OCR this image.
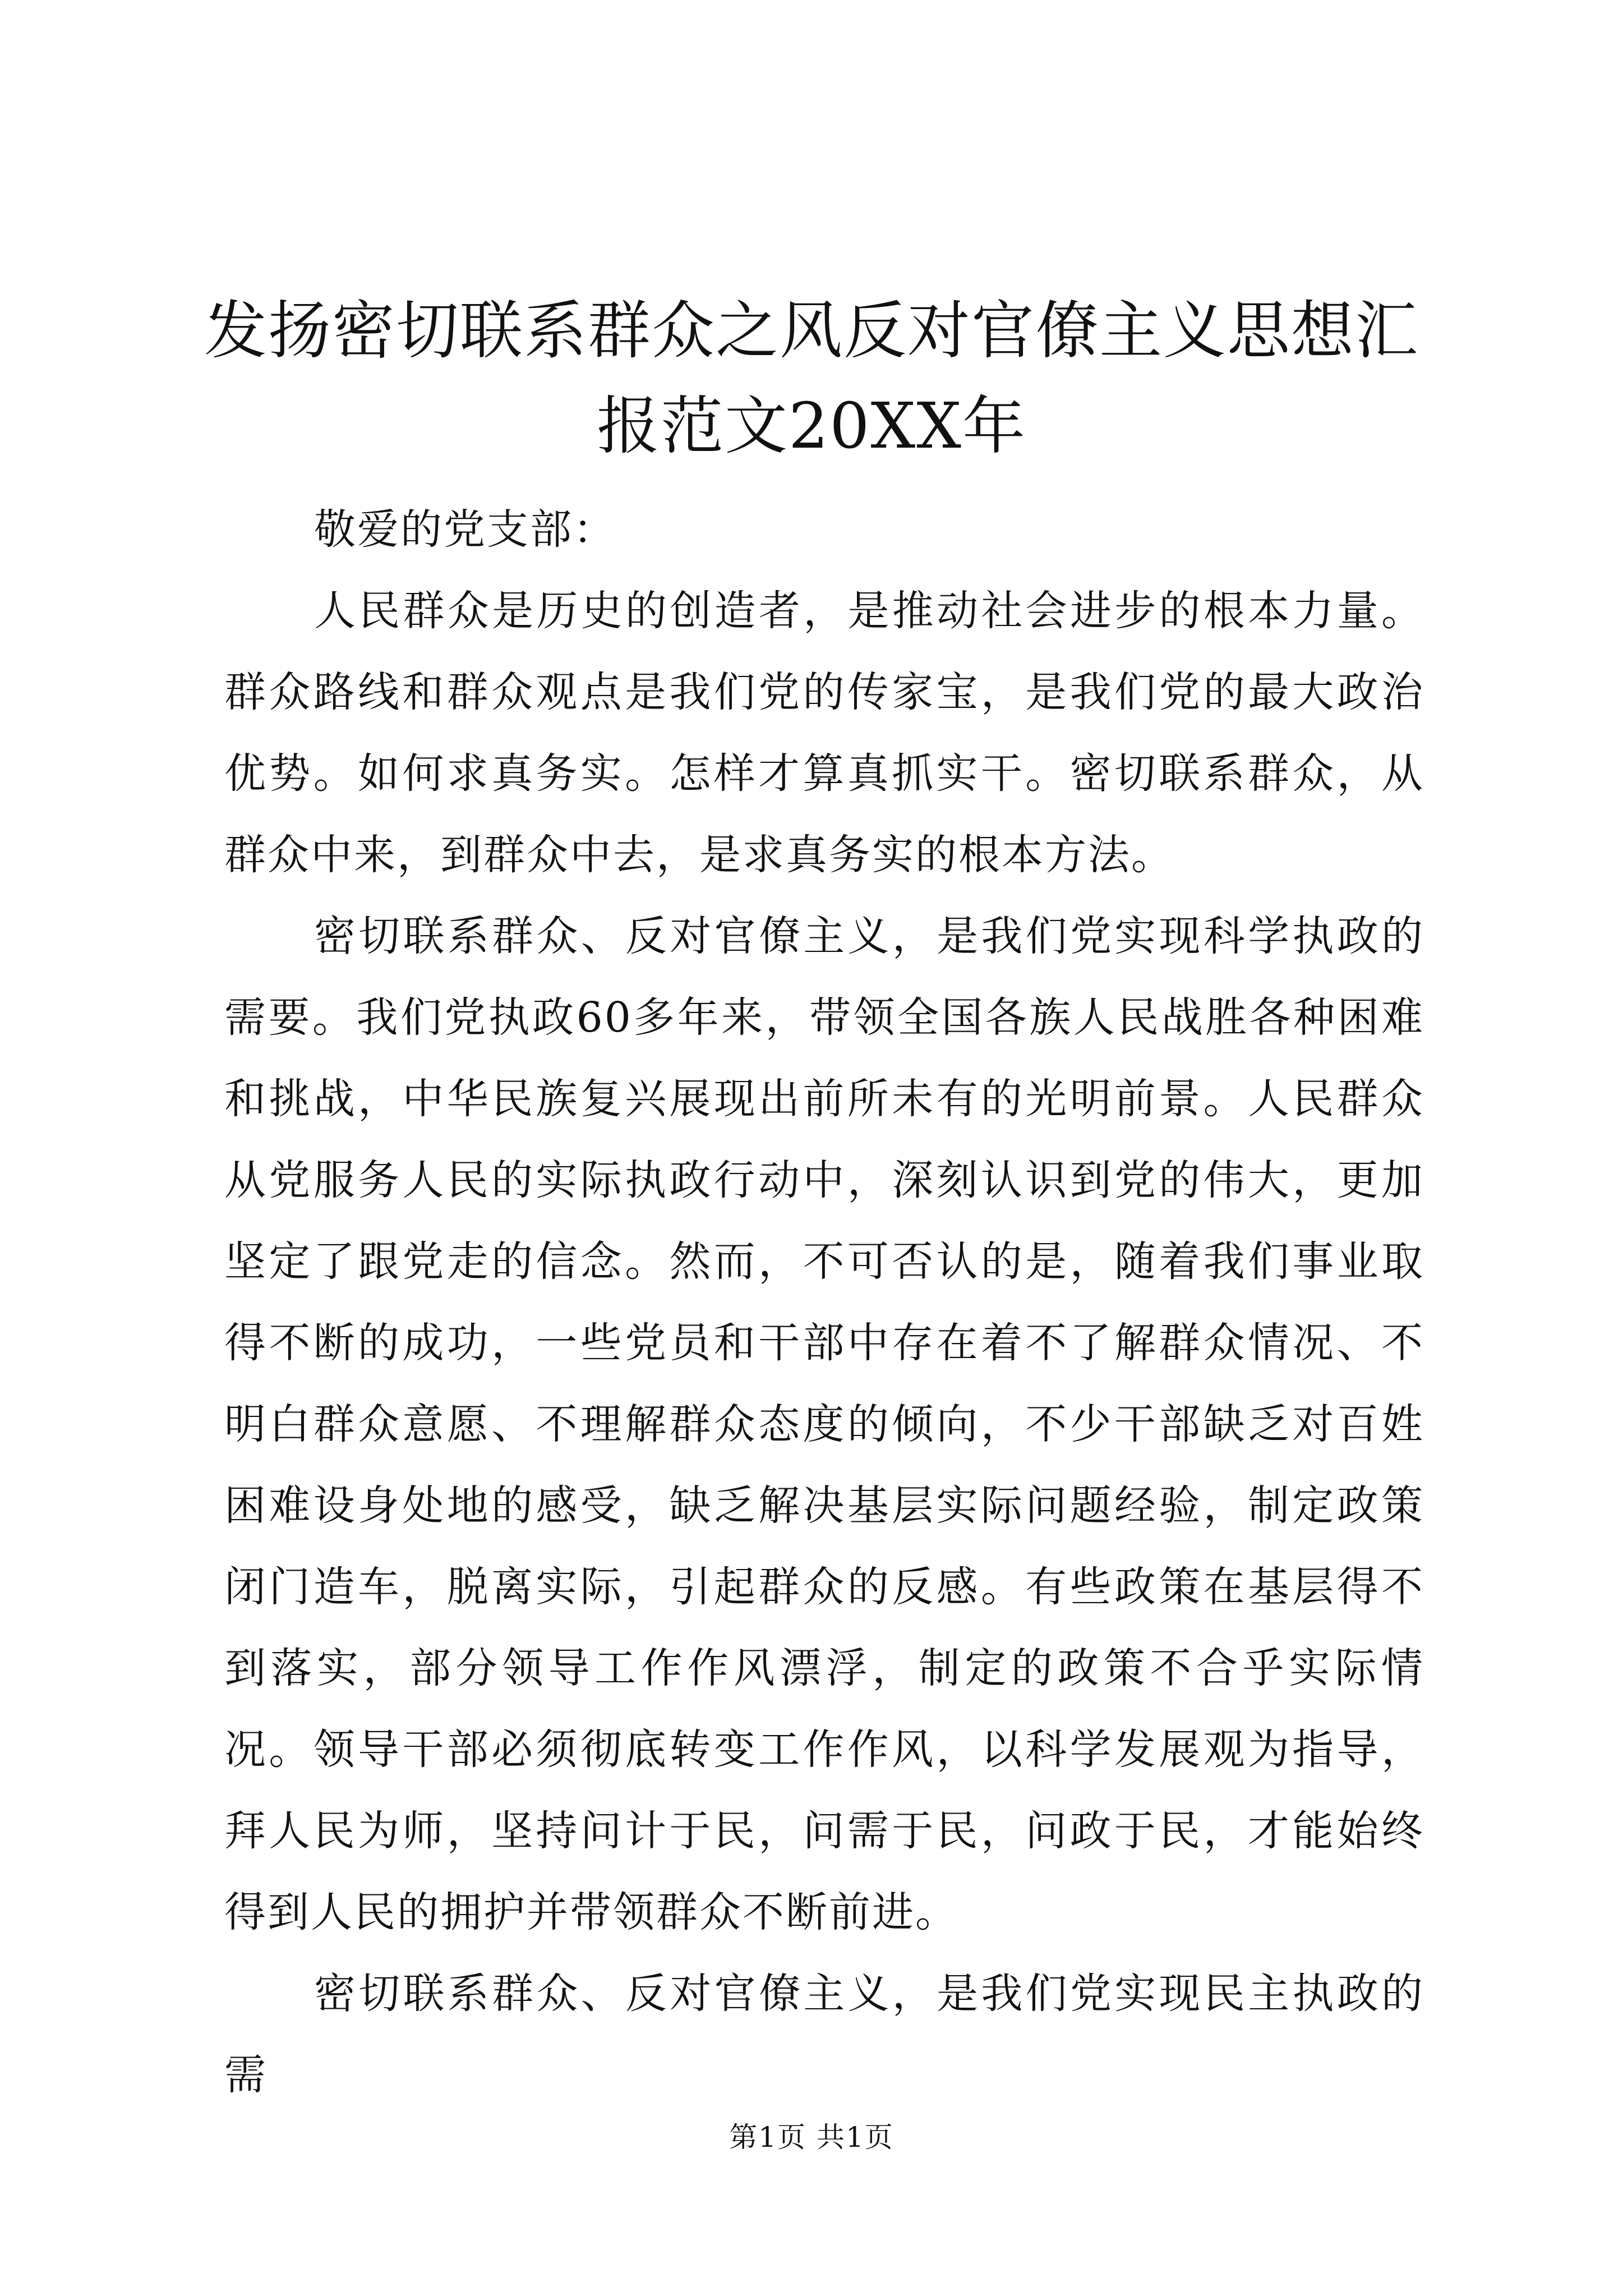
发扬密切联系群众之风反对官僚主义思想汇报范文20XX年

敬爱的党支部：

人民群众是历史的创造者，是推动社会进步的根本力量。群众路线和群众观点是我们党的传家宝，是我们党的最大政治优势。如何求真务实。怎样才算真抓实干。密切联系群众，从群众中来，到群众中去，是求真务实的根本方法。

密切联系群众、反对官僚主义，是我们党实现科学执政的需要。我们党执政60多年来，带领全国各族人民战胜各种困难和挑战，中华民族复兴展现出前所未有的光明前景。人民群众从党服务人民的实际执政行动中，深刻认识到党的伟大，更加坚定了跟党走的信念。然而，不可否认的是，随着我们事业取得不断的成功，一些党员和干部中存在着不了解群众情况、不明白群众意愿、不理解群众态度的倾向，不少干部缺乏对百姓困难设身处地的感受，缺乏解决基层实际问题经验，制定政策闭门造车，脱离实际，引起群众的反感。有些政策在基层得不到落实，部分领导工作作风漂浮，制定的政策不合乎实际情况。领导干部必须彻底转变工作作风，以科学发展观为指导，拜人民为师，坚持问计于民，问需于民，问政于民，才能始终得到人民的拥护并带领群众不断前进。

密切联系群众、反对官僚主义，是我们党实现民主执政的需

第1页 共1页
